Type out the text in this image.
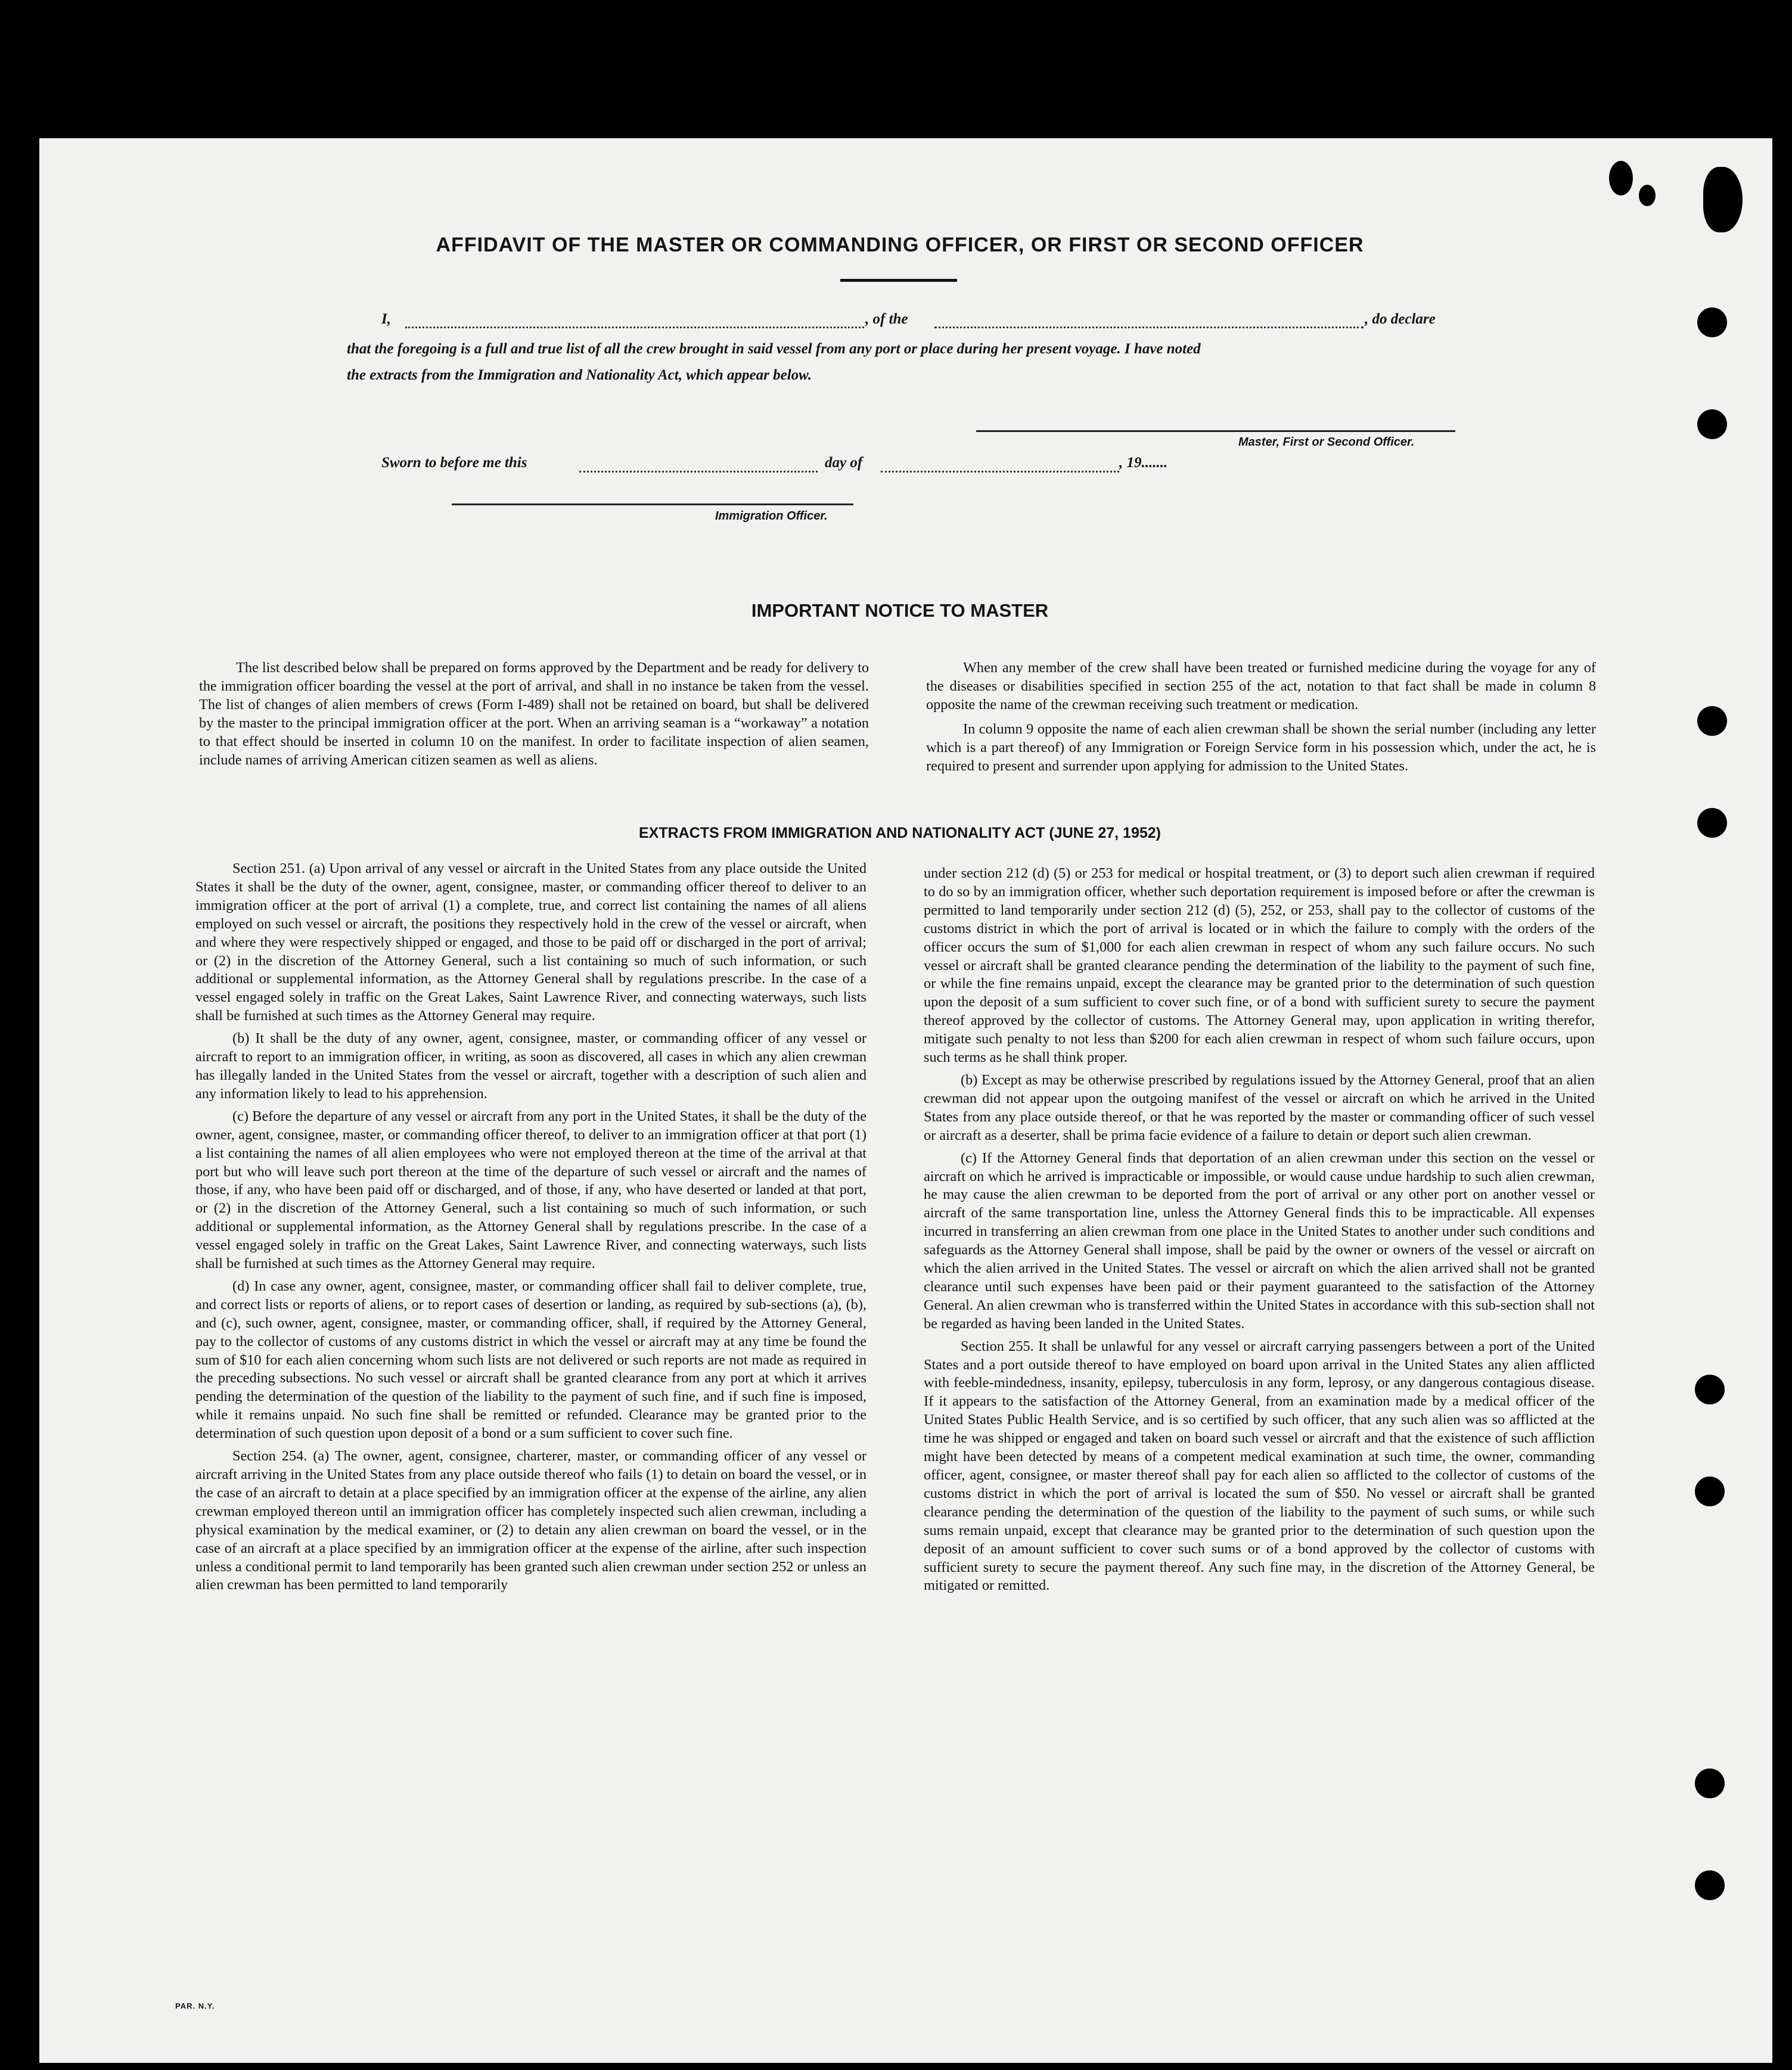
AFFIDAVIT OF THE MASTER OR COMMANDING OFFICER, OR FIRST OR SECOND OFFICER
I,	, of the	, do declare
that the foregoing is a full and true list of all the crew brought in said vessel from any port or place during her present voyage. I have noted
the extracts from the Immigration and Nationality Act, which appear below.
Master, First or Second Officer.
Sworn to before me this	day of	, 19.......
Immigration Officer.
IMPORTANT NOTICE TO MASTER

The list described below shall be prepared on forms approved by the Department and be ready for delivery to the immigration officer boarding the vessel at the port of arrival, and shall in no instance be taken from the vessel. The list of changes of alien members of crews (Form I-489) shall not be retained on board, but shall be delivered by the master to the principal immigration officer at the port. When an arriving seaman is a “workaway” a notation to that effect should be inserted in column 10 on the manifest. In order to facilitate inspection of alien seamen, include names of arriving American citizen seamen as well as aliens.

When any member of the crew shall have been treated or furnished medicine during the voyage for any of the diseases or disabilities specified in section 255 of the act, notation to that fact shall be made in column 8 opposite the name of the crewman receiving such treatment or medication.

In column 9 opposite the name of each alien crewman shall be shown the serial number (including any letter which is a part thereof) of any Immigration or Foreign Service form in his possession which, under the act, he is required to present and surrender upon applying for admission to the United States.

EXTRACTS FROM IMMIGRATION AND NATIONALITY ACT (JUNE 27, 1952)

Section 251. (a) Upon arrival of any vessel or aircraft in the United States from any place outside the United States it shall be the duty of the owner, agent, consignee, master, or commanding officer thereof to deliver to an immigration officer at the port of arrival (1) a complete, true, and correct list containing the names of all aliens employed on such vessel or aircraft, the positions they respectively hold in the crew of the vessel or aircraft, when and where they were respectively shipped or engaged, and those to be paid off or discharged in the port of arrival; or (2) in the discretion of the Attorney General, such a list containing so much of such information, or such additional or supplemental information, as the Attorney General shall by regulations prescribe. In the case of a vessel engaged solely in traffic on the Great Lakes, Saint Lawrence River, and connecting waterways, such lists shall be furnished at such times as the Attorney General may require.

(b) It shall be the duty of any owner, agent, consignee, master, or commanding officer of any vessel or aircraft to report to an immigration officer, in writing, as soon as discovered, all cases in which any alien crewman has illegally landed in the United States from the vessel or aircraft, together with a description of such alien and any information likely to lead to his apprehension.

(c) Before the departure of any vessel or aircraft from any port in the United States, it shall be the duty of the owner, agent, consignee, master, or commanding officer thereof, to deliver to an immigration officer at that port (1) a list containing the names of all alien employees who were not employed thereon at the time of the arrival at that port but who will leave such port thereon at the time of the departure of such vessel or aircraft and the names of those, if any, who have been paid off or discharged, and of those, if any, who have deserted or landed at that port, or (2) in the discretion of the Attorney General, such a list containing so much of such information, or such additional or supplemental information, as the Attorney General shall by regulations prescribe. In the case of a vessel engaged solely in traffic on the Great Lakes, Saint Lawrence River, and connecting waterways, such lists shall be furnished at such times as the Attorney General may require.

(d) In case any owner, agent, consignee, master, or commanding officer shall fail to deliver complete, true, and correct lists or reports of aliens, or to report cases of desertion or landing, as required by sub-sections (a), (b), and (c), such owner, agent, consignee, master, or commanding officer, shall, if required by the Attorney General, pay to the collector of customs of any customs district in which the vessel or aircraft may at any time be found the sum of $10 for each alien concerning whom such lists are not delivered or such reports are not made as required in the preceding subsections. No such vessel or aircraft shall be granted clearance from any port at which it arrives pending the determination of the question of the liability to the payment of such fine, and if such fine is imposed, while it remains unpaid. No such fine shall be remitted or refunded. Clearance may be granted prior to the determination of such question upon deposit of a bond or a sum sufficient to cover such fine.

Section 254. (a) The owner, agent, consignee, charterer, master, or commanding officer of any vessel or aircraft arriving in the United States from any place outside thereof who fails (1) to detain on board the vessel, or in the case of an aircraft to detain at a place specified by an immigration officer at the expense of the airline, any alien crewman employed thereon until an immigration officer has completely inspected such alien crewman, including a physical examination by the medical examiner, or (2) to detain any alien crewman on board the vessel, or in the case of an aircraft at a place specified by an immigration officer at the expense of the airline, after such inspection unless a conditional permit to land temporarily has been granted such alien crewman under section 252 or unless an alien crewman has been permitted to land temporarily

under section 212 (d) (5) or 253 for medical or hospital treatment, or (3) to deport such alien crewman if required to do so by an immigration officer, whether such deportation requirement is imposed before or after the crewman is permitted to land temporarily under section 212 (d) (5), 252, or 253, shall pay to the collector of customs of the customs district in which the port of arrival is located or in which the failure to comply with the orders of the officer occurs the sum of $1,000 for each alien crewman in respect of whom any such failure occurs. No such vessel or aircraft shall be granted clearance pending the determination of the liability to the payment of such fine, or while the fine remains unpaid, except the clearance may be granted prior to the determination of such question upon the deposit of a sum sufficient to cover such fine, or of a bond with sufficient surety to secure the payment thereof approved by the collector of customs. The Attorney General may, upon application in writing therefor, mitigate such penalty to not less than $200 for each alien crewman in respect of whom such failure occurs, upon such terms as he shall think proper.

(b) Except as may be otherwise prescribed by regulations issued by the Attorney General, proof that an alien crewman did not appear upon the outgoing manifest of the vessel or aircraft on which he arrived in the United States from any place outside thereof, or that he was reported by the master or commanding officer of such vessel or aircraft as a deserter, shall be prima facie evidence of a failure to detain or deport such alien crewman.

(c) If the Attorney General finds that deportation of an alien crewman under this section on the vessel or aircraft on which he arrived is impracticable or impossible, or would cause undue hardship to such alien crewman, he may cause the alien crewman to be deported from the port of arrival or any other port on another vessel or aircraft of the same transportation line, unless the Attorney General finds this to be impracticable. All expenses incurred in transferring an alien crewman from one place in the United States to another under such conditions and safeguards as the Attorney General shall impose, shall be paid by the owner or owners of the vessel or aircraft on which the alien arrived in the United States. The vessel or aircraft on which the alien arrived shall not be granted clearance until such expenses have been paid or their payment guaranteed to the satisfaction of the Attorney General. An alien crewman who is transferred within the United States in accordance with this sub-section shall not be regarded as having been landed in the United States.

Section 255. It shall be unlawful for any vessel or aircraft carrying passengers between a port of the United States and a port outside thereof to have employed on board upon arrival in the United States any alien afflicted with feeble-mindedness, insanity, epilepsy, tuberculosis in any form, leprosy, or any dangerous contagious disease. If it appears to the satisfaction of the Attorney General, from an examination made by a medical officer of the United States Public Health Service, and is so certified by such officer, that any such alien was so afflicted at the time he was shipped or engaged and taken on board such vessel or aircraft and that the existence of such affliction might have been detected by means of a competent medical examination at such time, the owner, commanding officer, agent, consignee, or master thereof shall pay for each alien so afflicted to the collector of customs of the customs district in which the port of arrival is located the sum of $50. No vessel or aircraft shall be granted clearance pending the determination of the question of the liability to the payment of such sums, or while such sums remain unpaid, except that clearance may be granted prior to the determination of such question upon the deposit of an amount sufficient to cover such sums or of a bond approved by the collector of customs with sufficient surety to secure the payment thereof. Any such fine may, in the discretion of the Attorney General, be mitigated or remitted.

PAR. N.Y.
